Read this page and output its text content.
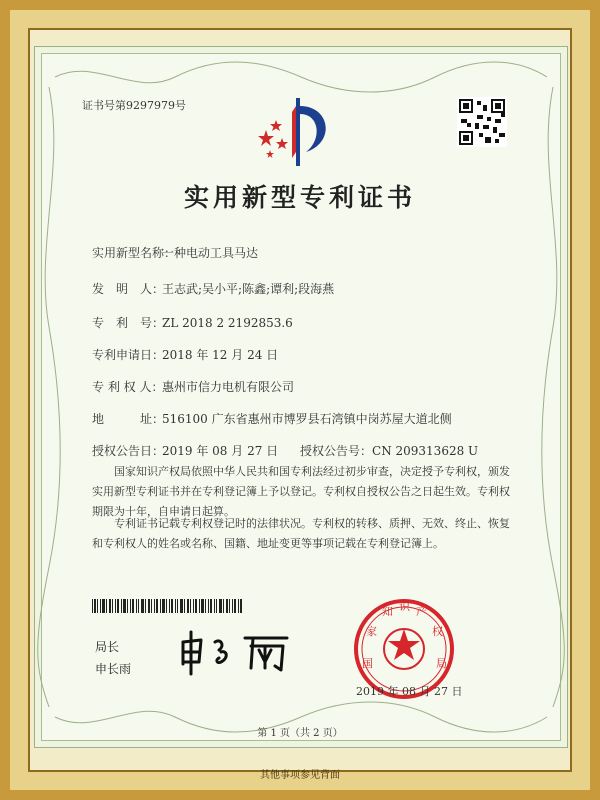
证书号第9297979号
实用新型专利证书
实用新型名称：一种电动工具马达
发　明　人：王志武;吴小平;陈鑫;谭利;段海燕
专　利　号：ZL 2018 2 2192853.6
专利申请日：2018 年 12 月 24 日
专 利 权 人：惠州市信力电机有限公司
地　　　址：516100 广东省惠州市博罗县石湾镇中岗苏屋大道北侧
授权公告日：2019 年 08 月 27 日 授权公告号：CN 209313628 U
国家知识产权局依照中华人民共和国专利法经过初步审查，决定授予专利权，颁发实用新型专利证书并在专利登记簿上予以登记。专利权自授权公告之日起生效。专利权期限为十年，自申请日起算。
专利证书记载专利权登记时的法律状况。专利权的转移、质押、无效、终止、恢复和专利权人的姓名或名称、国籍、地址变更等事项记载在专利登记簿上。
局长
申长雨	国
家
知 识 产
权
局
2019 年 08 月 27 日
第 1 页（共 2 页）
其他事项参见背面
